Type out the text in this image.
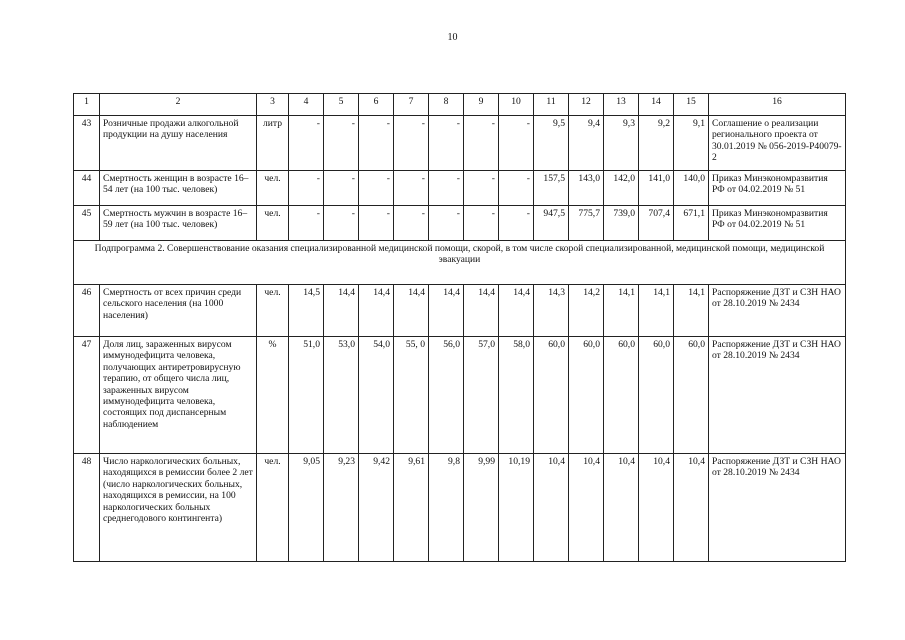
10
1	2	3	4	5	6	7	8	9	10	11	12	13	14	15	16
43	Розничные продажи алкогольной продукции на душу населения	литр	-	-	-	-	-	-	-	9,5	9,4	9,3	9,2	9,1	Соглашение о реализации регионального проекта от 30.01.2019 № 056-2019-Р40079-2
44	Смертность женщин в возрасте 16–54 лет (на 100 тыс. человек)	чел.	-	-	-	-	-	-	-	157,5	143,0	142,0	141,0	140,0	Приказ Минэкономразвития РФ от 04.02.2019 № 51
45	Смертность мужчин в возрасте 16–59 лет (на 100 тыс. человек)	чел.	-	-	-	-	-	-	-	947,5	775,7	739,0	707,4	671,1	Приказ Минэкономразвития РФ от 04.02.2019 № 51
Подпрограмма 2. Совершенствование оказания специализированной медицинской помощи, скорой, в том числе скорой специализированной, медицинской помощи, медицинской эвакуации															
46	Смертность от всех причин среди сельского населения (на 1000 населения)	чел.	14,5	14,4	14,4	14,4	14,4	14,4	14,4	14,3	14,2	14,1	14,1	14,1	Распоряжение ДЗТ и СЗН НАО от 28.10.2019 № 2434
47	Доля лиц, зараженных вирусом иммунодефицита человека, получающих антиретровирусную терапию, от общего числа лиц, зараженных вирусом иммунодефицита человека, состоящих под диспансерным наблюдением	%	51,0	53,0	54,0	55, 0	56,0	57,0	58,0	60,0	60,0	60,0	60,0	60,0	Распоряжение ДЗТ и СЗН НАО от 28.10.2019 № 2434
48	Число наркологических больных, находящихся в ремиссии более 2 лет (число наркологических больных, находящихся в ремиссии, на 100 наркологических больных среднегодового контингента)	чел.	9,05	9,23	9,42	9,61	9,8	9,99	10,19	10,4	10,4	10,4	10,4	10,4	Распоряжение ДЗТ и СЗН НАО от 28.10.2019 № 2434
